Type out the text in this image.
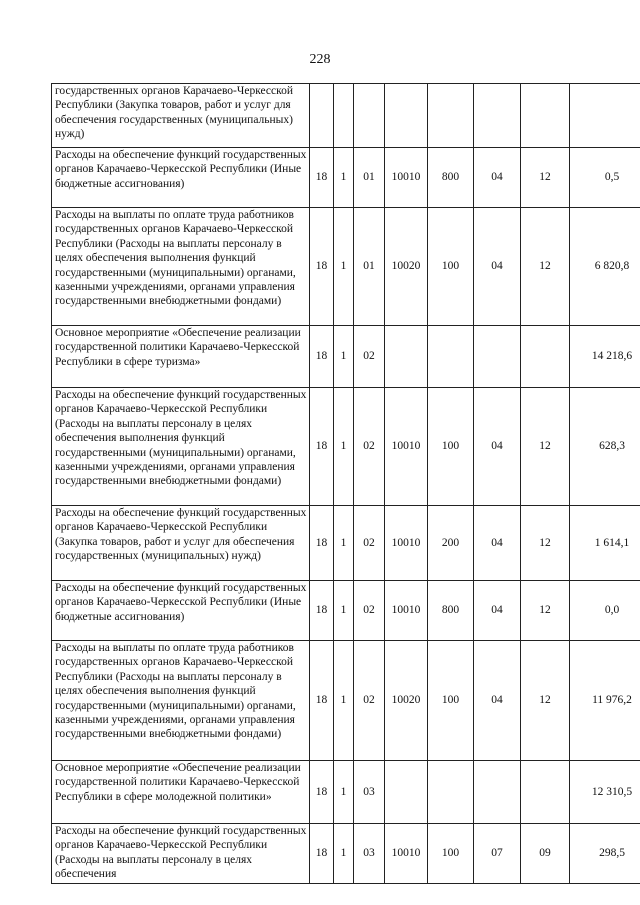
228
государственных органов Карачаево-Черкесской Республики (Закупка товаров, работ и услуг для обеспечения государственных (муниципальных) нужд)								
Расходы на обеспечение функций государственных органов Карачаево-Черкесской Республики (Иные бюджетные ассигнования)	18	1	01	10010	800	04	12	0,5
Расходы на выплаты по оплате труда работников государственных органов Карачаево-Черкесской Республики (Расходы на выплаты персоналу в целях обеспечения выполнения функций государственными (муниципальными) органами, казенными учреждениями, органами управления государственными внебюджетными фондами)	18	1	01	10020	100	04	12	6 820,8
Основное мероприятие «Обеспечение реализации государственной политики Карачаево-Черкесской Республики в сфере туризма»	18	1	02					14 218,6
Расходы на обеспечение функций государственных органов Карачаево-Черкесской Республики (Расходы на выплаты персоналу в целях обеспечения выполнения функций государственными (муниципальными) органами, казенными учреждениями, органами управления государственными внебюджетными фондами)	18	1	02	10010	100	04	12	628,3
Расходы на обеспечение функций государственных органов Карачаево-Черкесской Республики (Закупка товаров, работ и услуг для обеспечения государственных (муниципальных) нужд)	18	1	02	10010	200	04	12	1 614,1
Расходы на обеспечение функций государственных органов Карачаево-Черкесской Республики (Иные бюджетные ассигнования)	18	1	02	10010	800	04	12	0,0
Расходы на выплаты по оплате труда работников государственных органов Карачаево-Черкесской Республики (Расходы на выплаты персоналу в целях обеспечения выполнения функций государственными (муниципальными) органами, казенными учреждениями, органами управления государственными внебюджетными фондами)	18	1	02	10020	100	04	12	11 976,2
Основное мероприятие «Обеспечение реализации государственной политики Карачаево-Черкесской Республики в сфере молодежной политики»	18	1	03					12 310,5
Расходы на обеспечение функций государственных органов Карачаево-Черкесской Республики (Расходы на выплаты персоналу в целях обеспечения	18	1	03	10010	100	07	09	298,5
